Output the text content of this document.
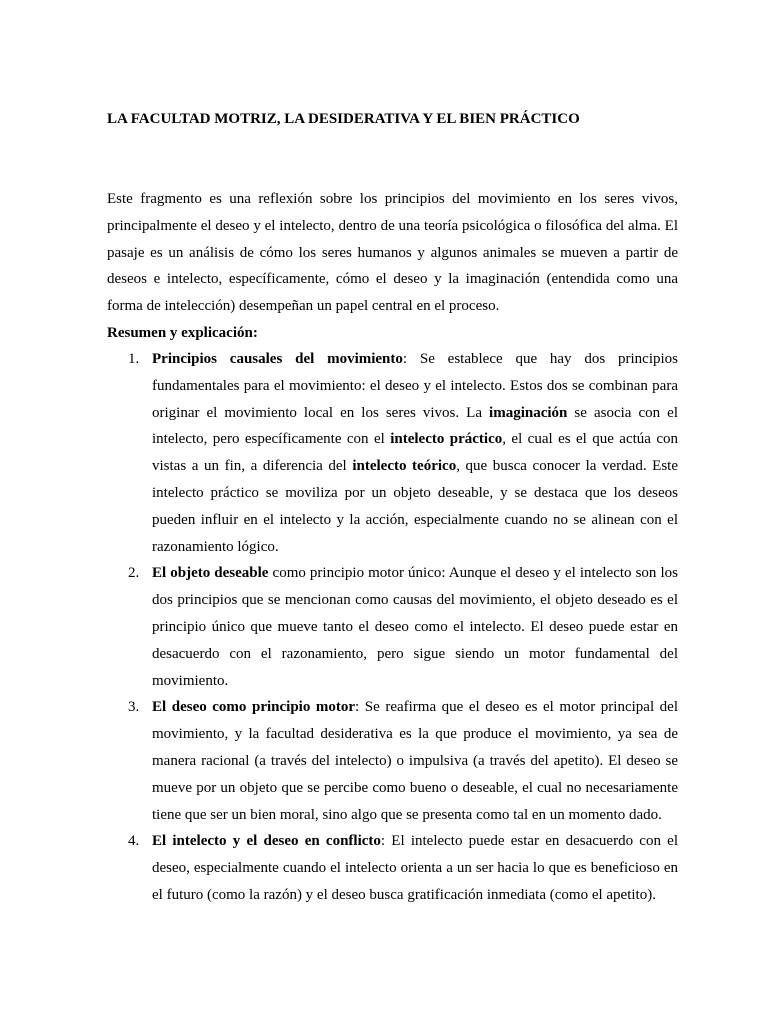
LA FACULTAD MOTRIZ, LA DESIDERATIVA Y EL BIEN PRÁCTICO

Este fragmento es una reflexión sobre los principios del movimiento en los seres vivos, principalmente el deseo y el intelecto, dentro de una teoría psicológica o filosófica del alma. El pasaje es un análisis de cómo los seres humanos y algunos animales se mueven a partir de deseos e intelecto, específicamente, cómo el deseo y la imaginación (entendida como una forma de intelección) desempeñan un papel central en el proceso.

Resumen y explicación:

1. Principios causales del movimiento: Se establece que hay dos principios fundamentales para el movimiento: el deseo y el intelecto. Estos dos se combinan para originar el movimiento local en los seres vivos. La imaginación se asocia con el intelecto, pero específicamente con el intelecto práctico, el cual es el que actúa con vistas a un fin, a diferencia del intelecto teórico, que busca conocer la verdad. Este intelecto práctico se moviliza por un objeto deseable, y se destaca que los deseos pueden influir en el intelecto y la acción, especialmente cuando no se alinean con el razonamiento lógico.
2. El objeto deseable como principio motor único: Aunque el deseo y el intelecto son los dos principios que se mencionan como causas del movimiento, el objeto deseado es el principio único que mueve tanto el deseo como el intelecto. El deseo puede estar en desacuerdo con el razonamiento, pero sigue siendo un motor fundamental del movimiento.
3. El deseo como principio motor: Se reafirma que el deseo es el motor principal del movimiento, y la facultad desiderativa es la que produce el movimiento, ya sea de manera racional (a través del intelecto) o impulsiva (a través del apetito). El deseo se mueve por un objeto que se percibe como bueno o deseable, el cual no necesariamente tiene que ser un bien moral, sino algo que se presenta como tal en un momento dado.
4. El intelecto y el deseo en conflicto: El intelecto puede estar en desacuerdo con el deseo, especialmente cuando el intelecto orienta a un ser hacia lo que es beneficioso en el futuro (como la razón) y el deseo busca gratificación inmediata (como el apetito).
